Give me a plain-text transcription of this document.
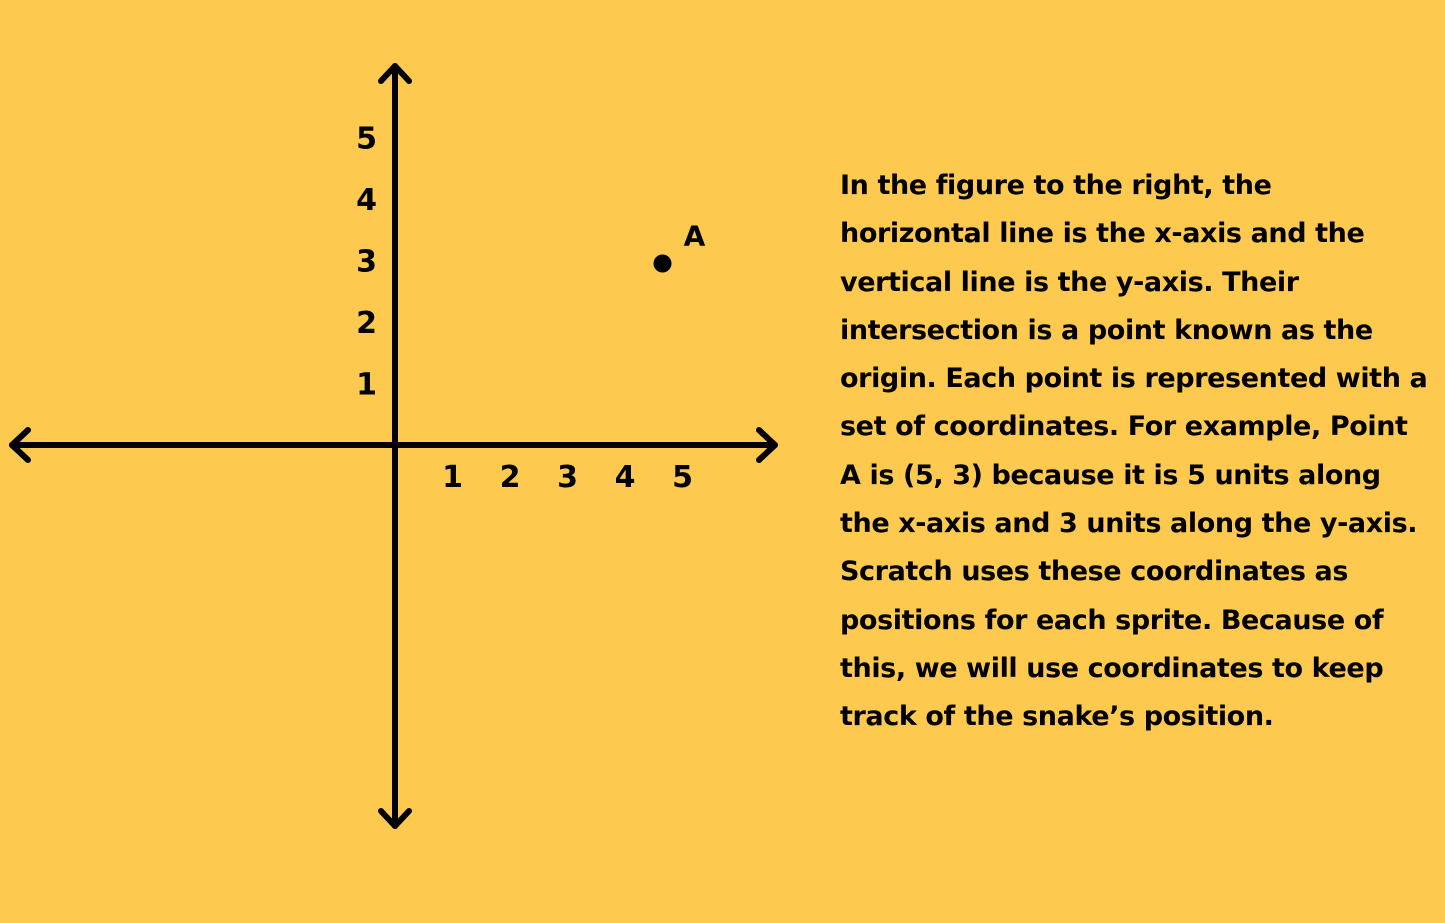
1 2 3 4 5
1
2
3
4
5
A

In the figure to the right, the horizontal line is the x-axis and the vertical line is the y-axis. Their intersection is a point known as the origin. Each point is represented with a set of coordinates. For example, Point A is (5, 3) because it is 5 units along the x-axis and 3 units along the y-axis. Scratch uses these coordinates as positions for each sprite. Because of this, we will use coordinates to keep track of the snake’s position.
